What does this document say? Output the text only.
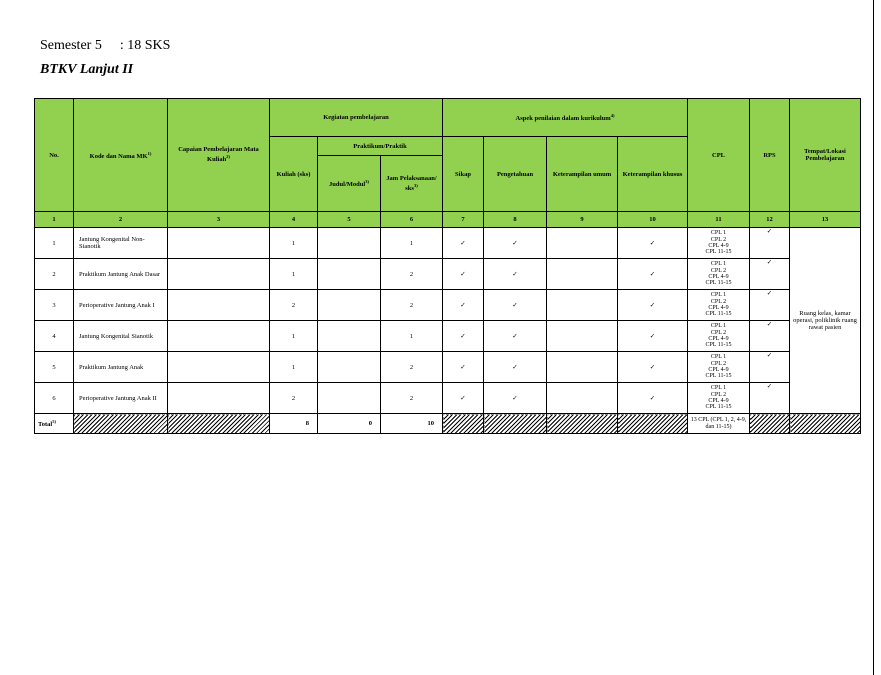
Semester 5 : 18 SKS
BTKV Lanjut II
No.	Kode dan Nama MK$^{1)}$	Capaian Pembelajaran Mata Kuliah$^{2)}$	Kegiatan pembelajaran			Aspek penilaian dalam kurikulum$^{4)}$				CPL	RPS	Tempat/Lokasi Pembelajaran
			Kuliah (sks)	Praktikum/Praktik		Sikap	Pengetahuan	Keterampilan umum	Keterampilan khusus			
				Judul/Modul$^{3)}$	Jam Pelaksanaan/ sks$^{3)}$
1	2	3	4	5	6	7	8	9	10	11	12	13
1	Jantung Kongenital Non-Sianotik		1		1	✓	✓		✓	CPL 1
CPL 2
CPL 4-9
CPL 11-15	✓	Ruang kelas, kamar operasi, poliklinik ruang rawat pasien
2	Praktikum Jantung Anak Dasar		1		2	✓	✓		✓	CPL 1
CPL 2
CPL 4-9
CPL 11-15	✓	
3	Perioperative Jantung Anak I		2		2	✓	✓		✓	CPL 1
CPL 2
CPL 4-9
CPL 11-15	✓	
4	Jantung Kongenital Sianotik		1		1	✓	✓		✓	CPL 1
CPL 2
CPL 4-9
CPL 11-15	✓	
5	Praktikum Jantung Anak		1		2	✓	✓		✓	CPL 1
CPL 2
CPL 4-9
CPL 11-15	✓	
6	Perioperative Jantung Anak II		2		2	✓	✓		✓	CPL 1
CPL 2
CPL 4-9
CPL 11-15	✓	
Total$^{5)}$			8	0	10					13 CPL (CPL 1, 2, 4-9, dan 11-15)		
